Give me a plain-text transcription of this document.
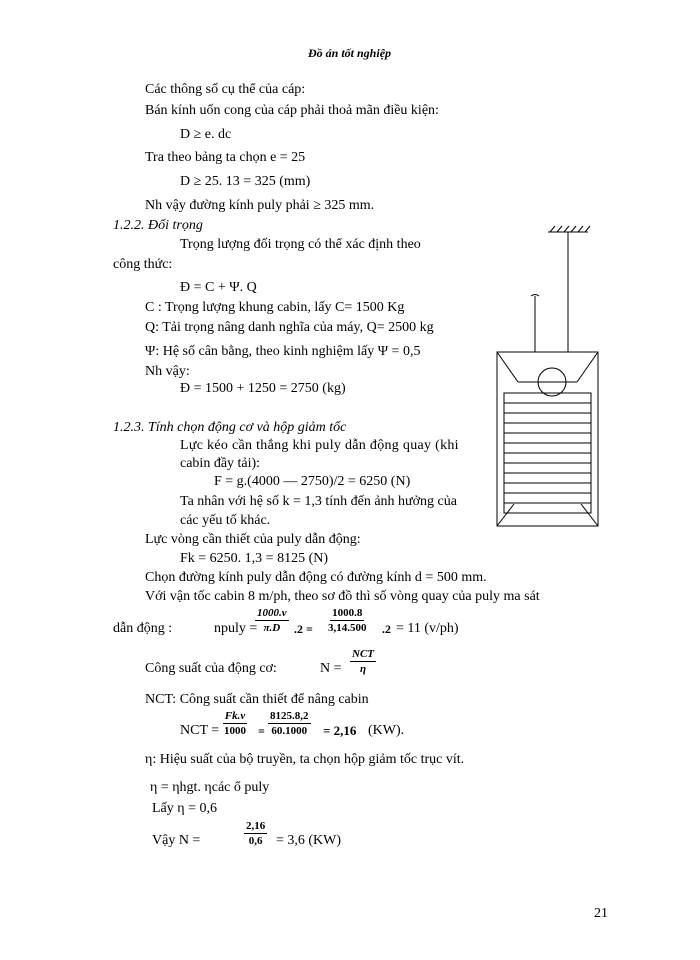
Đồ án tốt nghiệp
Các thông số cụ thể của cáp:
Bán kính uốn cong của cáp phải thoả mãn điều kiện:
D ≥ e. dc
Tra theo bảng ta chọn e = 25
D ≥ 25. 13 = 325 (mm)
Nh vậy đường kính puly phải ≥ 325 mm.
1.2.2. Đối trọng
Trọng lượng đối trọng có thể xác định theo
công thức:
Đ = C + Ψ. Q
C : Trọng lượng khung cabin, lấy C= 1500 Kg
Q: Tải trọng nâng danh nghĩa của máy, Q= 2500 kg
Ψ: Hệ số cân bằng, theo kinh nghiệm lấy Ψ = 0,5
Nh vậy:
Đ = 1500 + 1250 = 2750 (kg)
1.2.3. Tính chọn động cơ và hộp giảm tốc
Lực kéo cần thắng khi puly dẫn động quay (khi
cabin đầy tải):
F = g.(4000 — 2750)/2 = 6250 (N)
Ta nhân với hệ số k = 1,3 tính đến ảnh hưởng của
các yếu tố khác.
Lực vòng cần thiết của puly dẫn động:
Fk = 6250. 1,3 = 8125 (N)
Chọn đường kính puly dẫn động có đường kính d = 500 mm.
Với vận tốc cabin 8 m/ph, theo sơ đồ thì số vòng quay của puly ma sát
dẫn động :	npuly =
$\frac{1000.v}{\pi.D} .2 = \frac{1000.8}{3,14.500} .2 = 11$ (v/ph)
Công suất của động cơ:	N =
NCT
η
NCT: Công suất cần thiết để nâng cabin
NCT = $\frac{Fk.v}{1000} = \frac{8125.8,2}{60.1000} = 2,16$ (KW).
η: Hiệu suất của bộ truyền, ta chọn hộp giảm tốc trục vít.
η = ηhgt. ηcác ổ puly
Lấy η = 0,6
Vậy N =	$\frac{2,16}{0,6} = 3,6$ (KW)
21
